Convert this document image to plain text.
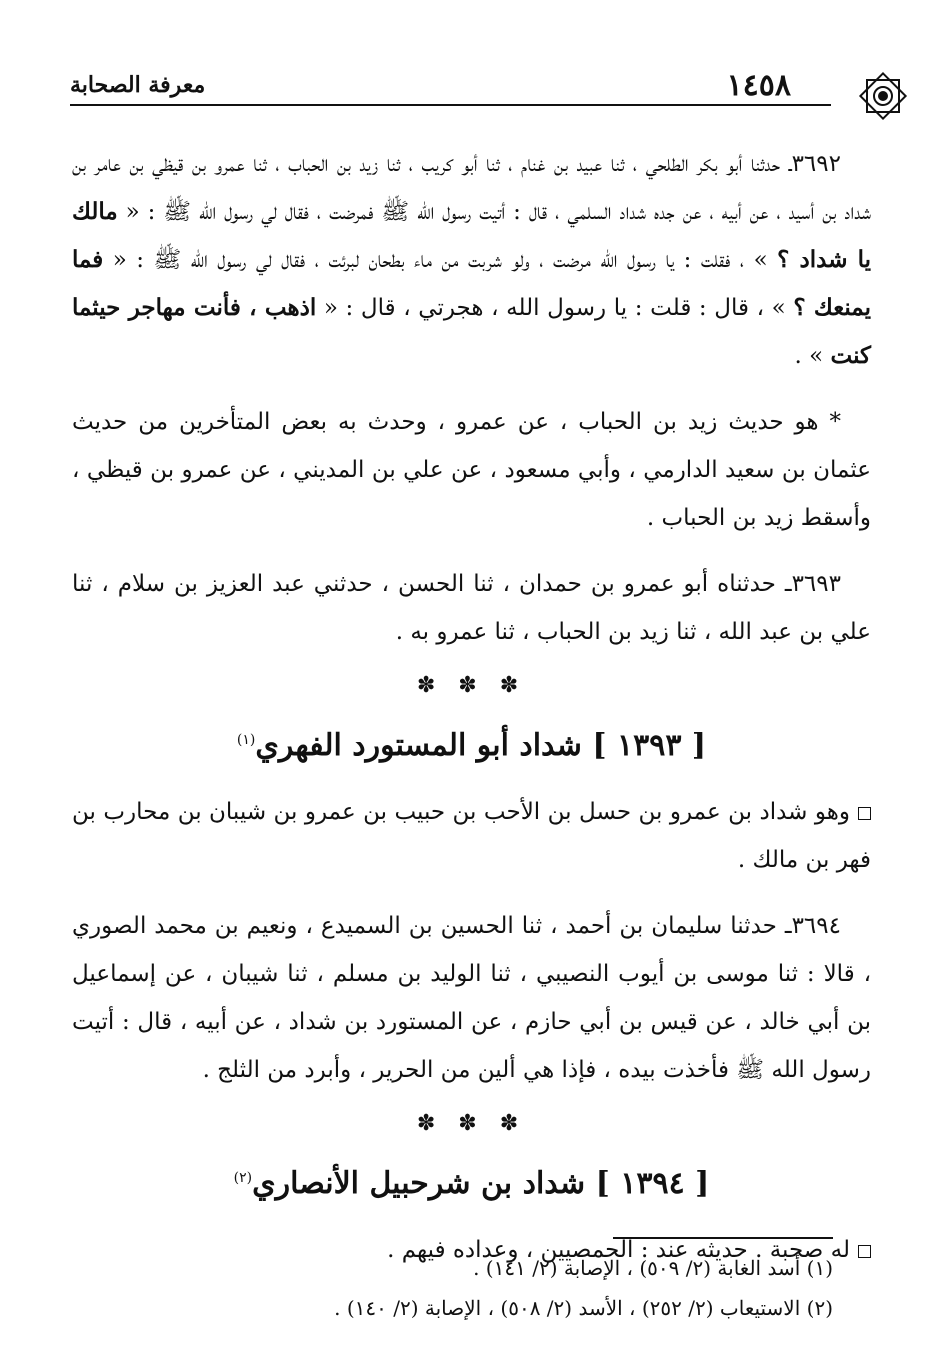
١٤٥٨
معرفة الصحابة

٣٦٩٢ـ حدثنا أبو بكر الطلحي ، ثنا عبيد بن غنام ، ثنا أبو كريب ، ثنا زيد بن الحباب ، ثنا عمرو بن قيظي بن عامر بن شداد بن أسيد ، عن أبيه ، عن جده شداد السلمي ، قال : أتيت رسول الله ﷺ فمرضت ، فقال لي رسول الله ﷺ : « مالك يا شداد ؟ » ، فقلت : يا رسول الله مرضت ، ولو شربت من ماء بطحان لبرئت ، فقال لي رسول الله ﷺ : « فما يمنعك ؟ » ، قال : قلت : يا رسول الله ، هجرتي ، قال : « اذهب ، فأنت مهاجر حيثما كنت » .

* هو حديث زيد بن الحباب ، عن عمرو ، وحدث به بعض المتأخرين من حديث عثمان بن سعيد الدارمي ، وأبي مسعود ، عن علي بن المديني ، عن عمرو بن قيظي ، وأسقط زيد بن الحباب .

٣٦٩٣ـ حدثناه أبو عمرو بن حمدان ، ثنا الحسن ، حدثني عبد العزيز بن سلام ، ثنا علي بن عبد الله ، ثنا زيد بن الحباب ، ثنا عمرو به .

✽ ✽ ✽
[ ١٣٩٣ ] شداد أبو المستورد الفهري$^{(١)}$

وهو شداد بن عمرو بن حسل بن الأحب بن حبيب بن عمرو بن شيبان بن محارب بن فهر بن مالك .

٣٦٩٤ـ حدثنا سليمان بن أحمد ، ثنا الحسين بن السميدع ، ونعيم بن محمد الصوري ، قالا : ثنا موسى بن أيوب النصيبي ، ثنا الوليد بن مسلم ، ثنا شيبان ، عن إسماعيل بن أبي خالد ، عن قيس بن أبي حازم ، عن المستورد بن شداد ، عن أبيه ، قال : أتيت رسول الله ﷺ فأخذت بيده ، فإذا هي ألين من الحرير ، وأبرد من الثلج .

✽ ✽ ✽
[ ١٣٩٤ ] شداد بن شرحبيل الأنصاري$^{(٢)}$

له صحبة . حديثه عند : الحمصيين ، وعداده فيهم .

(١) أسد الغابة (٢/ ٥٠٩) ، الإصابة (٢/ ١٤١) .
(٢) الاستيعاب (٢/ ٢٥٢) ، الأسد (٢/ ٥٠٨) ، الإصابة (٢/ ١٤٠) .
